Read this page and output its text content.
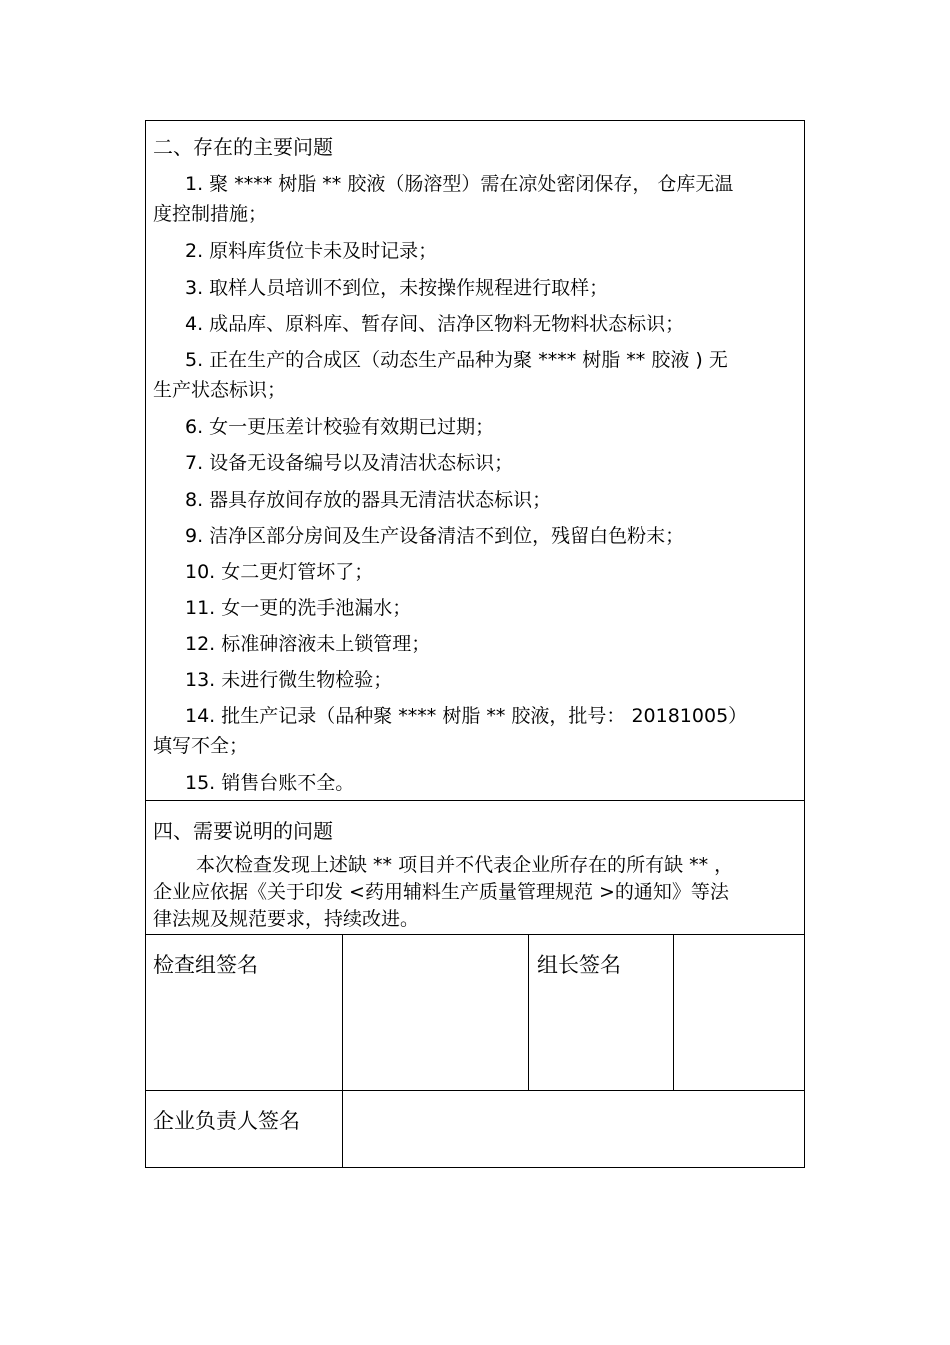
二、存在的主要问题
1. 聚 **** 树脂 ** 胶液（肠溶型）需在凉处密闭保存， 仓库无温
度控制措施；
2. 原料库货位卡未及时记录；
3. 取样人员培训不到位，未按操作规程进行取样；
4. 成品库、原料库、暂存间、洁净区物料无物料状态标识；
5. 正在生产的合成区（动态生产品种为聚 **** 树脂 ** 胶液 ) 无
生产状态标识；
6. 女一更压差计校验有效期已过期；
7. 设备无设备编号以及清洁状态标识；
8. 器具存放间存放的器具无清洁状态标识；
9. 洁净区部分房间及生产设备清洁不到位，残留白色粉末；
10. 女二更灯管坏了；
11. 女一更的洗手池漏水；
12. 标准砷溶液未上锁管理；
13. 未进行微生物检验；
14. 批生产记录（品种聚 **** 树脂 ** 胶液，批号： 20181005）
填写不全；
15. 销售台账不全。
四、需要说明的问题
本次检查发现上述缺 ** 项目并不代表企业所存在的所有缺 ** ，
企业应依据《关于印发 <药用辅料生产质量管理规范 >的通知》等法
律法规及规范要求，持续改进。
检查组签名	组长签名
企业负责人签名
